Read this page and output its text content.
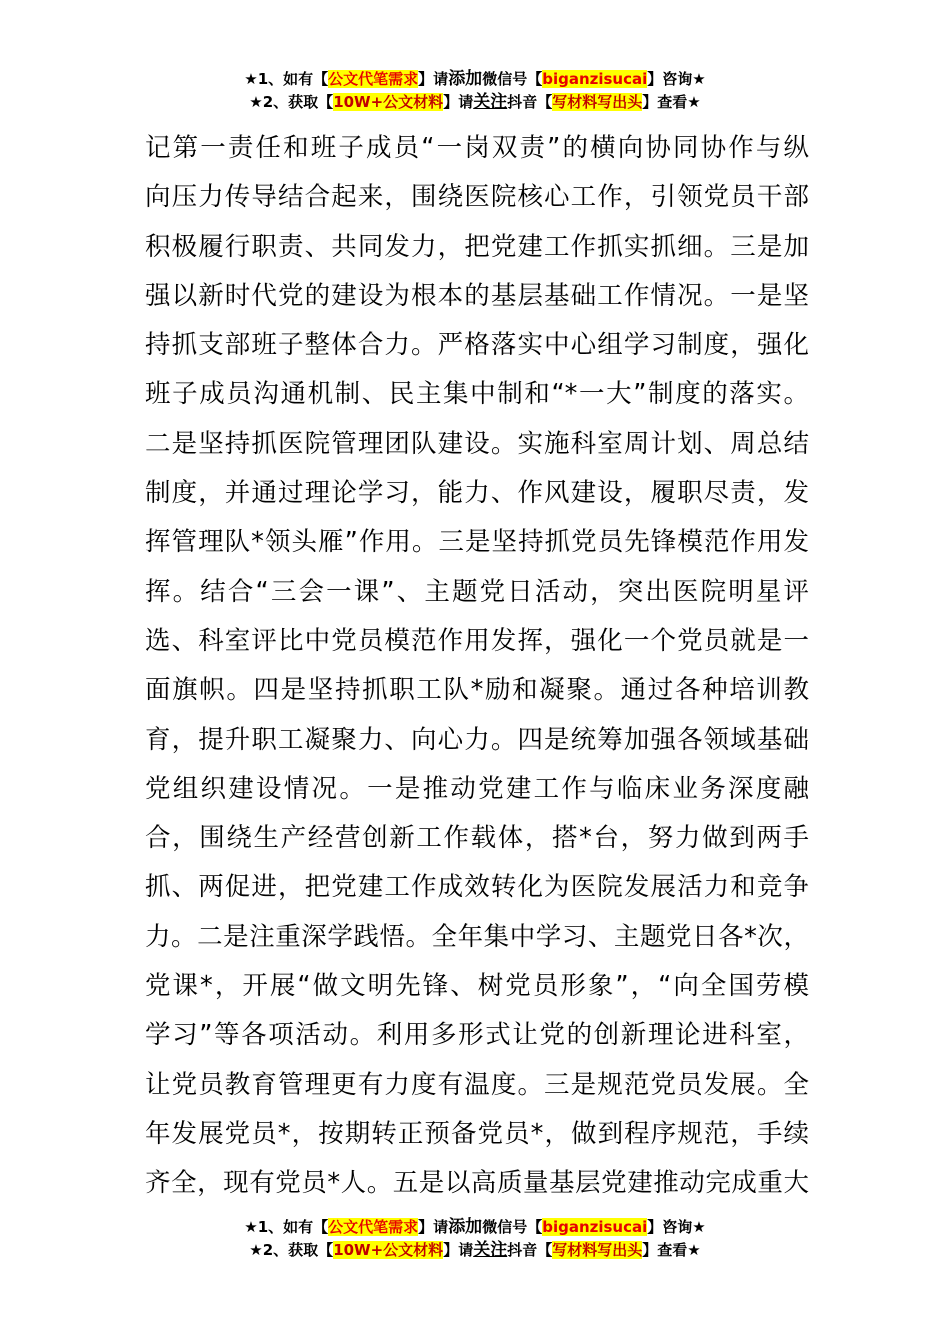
★1、如有【公文代笔需求】请添加微信号【biganzisucai】咨询★
★2、获取【10W+公文材料】请关注抖音【写材料写出头】查看★
记第一责任和班子成员“一岗双责”的横向协同协作与纵
向压力传导结合起来，围绕医院核心工作，引领党员干部
积极履行职责、共同发力，把党建工作抓实抓细。三是加
强以新时代党的建设为根本的基层基础工作情况。一是坚
持抓支部班子整体合力。严格落实中心组学习制度，强化
班子成员沟通机制、民主集中制和“*一大”制度的落实。
二是坚持抓医院管理团队建设。实施科室周计划、周总结
制度，并通过理论学习，能力、作风建设，履职尽责，发
挥管理队*领头雁”作用。三是坚持抓党员先锋模范作用发
挥。结合“三会一课”、主题党日活动，突出医院明星评
选、科室评比中党员模范作用发挥，强化一个党员就是一
面旗帜。四是坚持抓职工队*励和凝聚。通过各种培训教
育，提升职工凝聚力、向心力。四是统筹加强各领域基础
党组织建设情况。一是推动党建工作与临床业务深度融
合，围绕生产经营创新工作载体，搭*台，努力做到两手
抓、两促进，把党建工作成效转化为医院发展活力和竞争
力。二是注重深学践悟。全年集中学习、主题党日各*次，
党课*，开展“做文明先锋、树党员形象”，“向全国劳模
学习”等各项活动。利用多形式让党的创新理论进科室，
让党员教育管理更有力度有温度。三是规范党员发展。全
年发展党员*，按期转正预备党员*，做到程序规范，手续
齐全，现有党员*人。五是以高质量基层党建推动完成重大
★1、如有【公文代笔需求】请添加微信号【biganzisucai】咨询★
★2、获取【10W+公文材料】请关注抖音【写材料写出头】查看★
